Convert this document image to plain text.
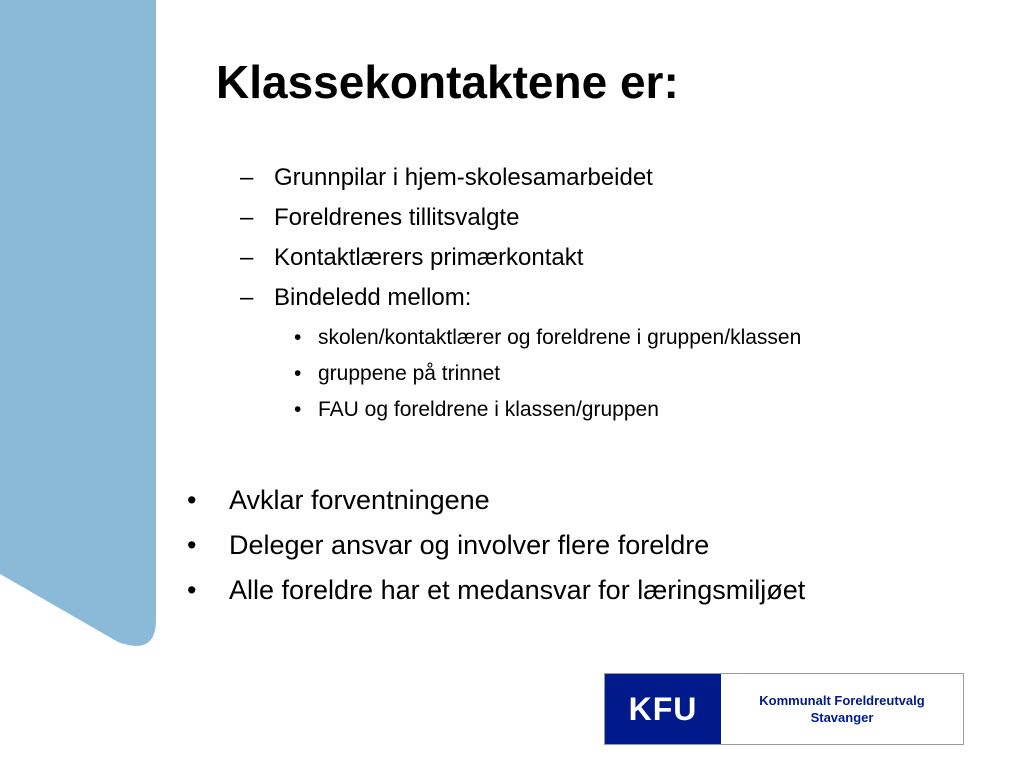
Klassekontaktene er:
– Grunnpilar i hjem-skolesamarbeidet
– Foreldrenes tillitsvalgte
– Kontaktlærers primærkontakt
– Bindeledd mellom:
• skolen/kontaktlærer og foreldrene i gruppen/klassen
• gruppene på trinnet
• FAU og foreldrene i klassen/gruppen
• Avklar forventningene
• Deleger ansvar og involver flere foreldre
• Alle foreldre har et medansvar for læringsmiljøet
KFU	Kommunalt Foreldreutvalg
Stavanger
